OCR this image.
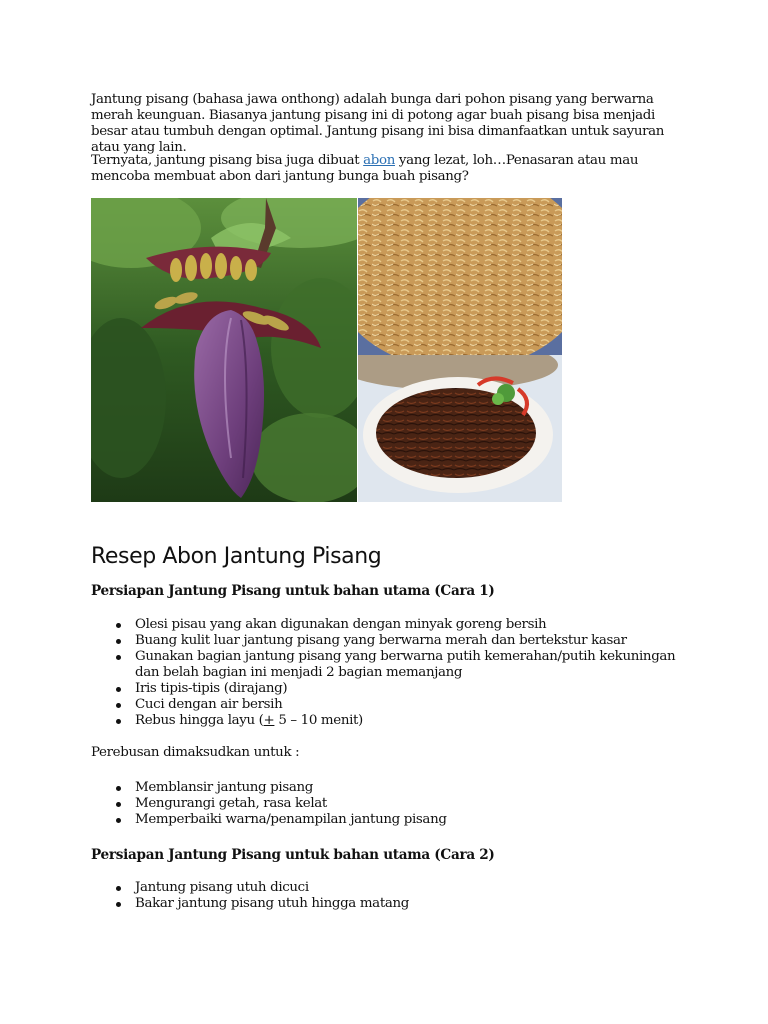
Jantung pisang (bahasa jawa onthong) adalah bunga dari pohon pisang yang berwarna merah keunguan. Biasanya jantung pisang ini di potong agar buah pisang bisa menjadi besar atau tumbuh dengan optimal. Jantung pisang ini bisa dimanfaatkan untuk sayuran atau yang lain.

Ternyata, jantung pisang bisa juga dibuat abon yang lezat, loh…Penasaran atau mau mencoba membuat abon dari jantung bunga buah pisang?

Resep Abon Jantung Pisang
Persiapan Jantung Pisang untuk bahan utama (Cara 1)
Olesi pisau yang akan digunakan dengan minyak goreng bersih
Buang kulit luar jantung pisang yang berwarna merah dan bertekstur kasar
Gunakan bagian jantung pisang yang berwarna putih kemerahan/putih kekuningan dan belah bagian ini menjadi 2 bagian memanjang
Iris tipis-tipis (dirajang)
Cuci dengan air bersih
Rebus hingga layu (+ 5 – 10 menit)

Perebusan dimaksudkan untuk :

Memblansir jantung pisang
Mengurangi getah, rasa kelat
Memperbaiki warna/penampilan jantung pisang
Persiapan Jantung Pisang untuk bahan utama (Cara 2)
Jantung pisang utuh dicuci
Bakar jantung pisang utuh hingga matang
